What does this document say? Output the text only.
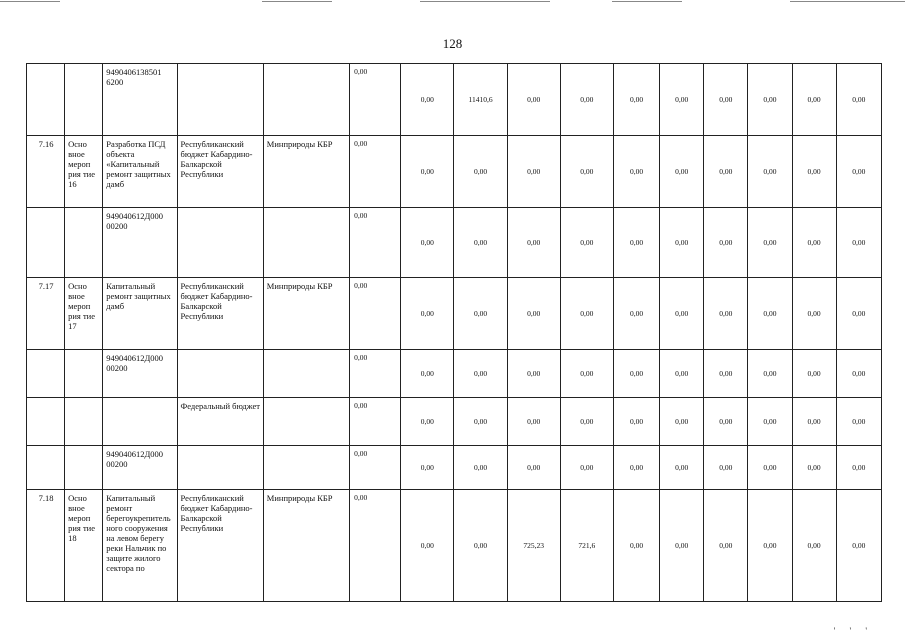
128
		9490406138501 6200			0,00	0,00	11410,6	0,00	0,00	0,00	0,00	0,00	0,00	0,00	0,00
7.16	Осно вное мероп рия тие 16	Разработка ПСД объекта «Капитальный ремонт защитных дамб	Республиканский бюджет Кабардино-Балкарской Республики	Минприроды КБР	0,00	0,00	0,00	0,00	0,00	0,00	0,00	0,00	0,00	0,00	0,00
		949040612Д000 00200			0,00	0,00	0,00	0,00	0,00	0,00	0,00	0,00	0,00	0,00	0,00
7.17	Осно вное мероп рия тие 17	Капитальный ремонт защитных дамб	Республиканский бюджет Кабардино-Балкарской Республики	Минприроды КБР	0,00	0,00	0,00	0,00	0,00	0,00	0,00	0,00	0,00	0,00	0,00
		949040612Д000 00200			0,00	0,00	0,00	0,00	0,00	0,00	0,00	0,00	0,00	0,00	0,00
			Федеральный бюджет		0,00	0,00	0,00	0,00	0,00	0,00	0,00	0,00	0,00	0,00	0,00
		949040612Д000 00200			0,00	0,00	0,00	0,00	0,00	0,00	0,00	0,00	0,00	0,00	0,00
7.18	Осно вное мероп рия тие 18	Капитальный ремонт берегоукрепительного сооружения на левом берегу реки Нальчик по защите жилого сектора по	Республиканский бюджет Кабардино-Балкарской Республики	Минприроды КБР	0,00	0,00	0,00	725,23	721,6	0,00	0,00	0,00	0,00	0,00	0,00
' ' '
